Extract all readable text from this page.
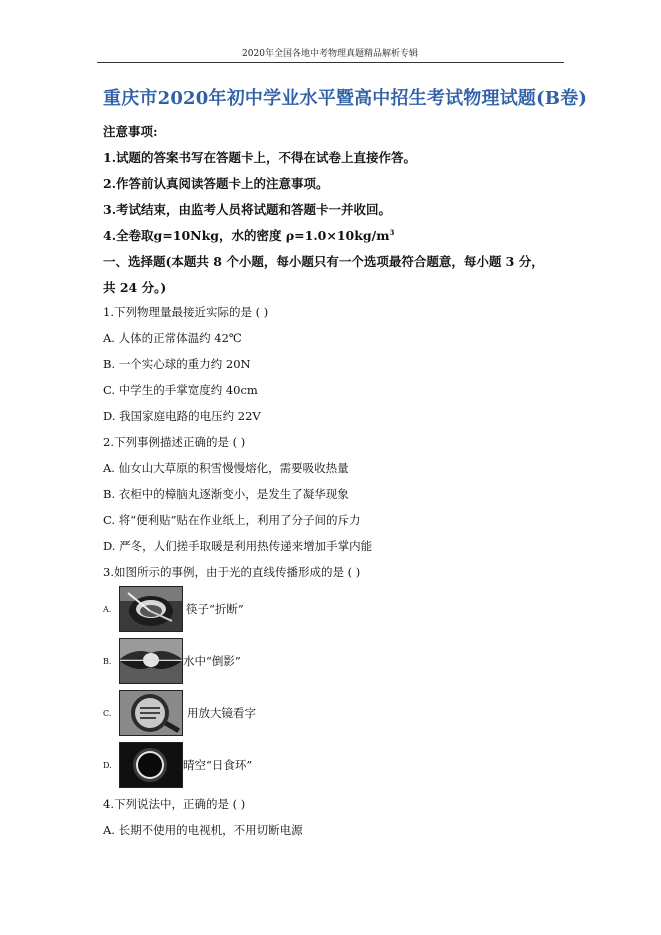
2020年全国各地中考物理真题精品解析专辑
重庆市2020年初中学业水平暨高中招生考试物理试题(B卷)
注意事项:
1.试题的答案书写在答题卡上，不得在试卷上直接作答。
2.作答前认真阅读答题卡上的注意事项。
3.考试结束，由监考人员将试题和答题卡一并收回。
4.全卷取g=10Nkg，水的密度 $\rho=1.0\times 10kg/m^3$
一、选择题(本题共 8 个小题，每小题只有一个选项最符合题意，每小题 3 分，
共 24 分。)
1.下列物理量最接近实际的是 ( )
A. 人体的正常体温约 42℃
B. 一个实心球的重力约 20N
C. 中学生的手掌宽度约 40cm
D. 我国家庭电路的电压约 22V
2.下列事例描述正确的是 ( )
A. 仙女山大草原的积雪慢慢熔化，需要吸收热量
B. 衣柜中的樟脑丸逐渐变小，是发生了凝华现象
C. 将“便利贴”贴在作业纸上，利用了分子间的斥力
D. 严冬，人们搓手取暖是利用热传递来增加手掌内能
3.如图所示的事例，由于光的直线传播形成的是 ( )
A.	筷子“折断”
B.	水中“倒影”
C.	用放大镜看字
D.	晴空“日食环”
4.下列说法中，正确的是 ( )
A. 长期不使用的电视机，不用切断电源
